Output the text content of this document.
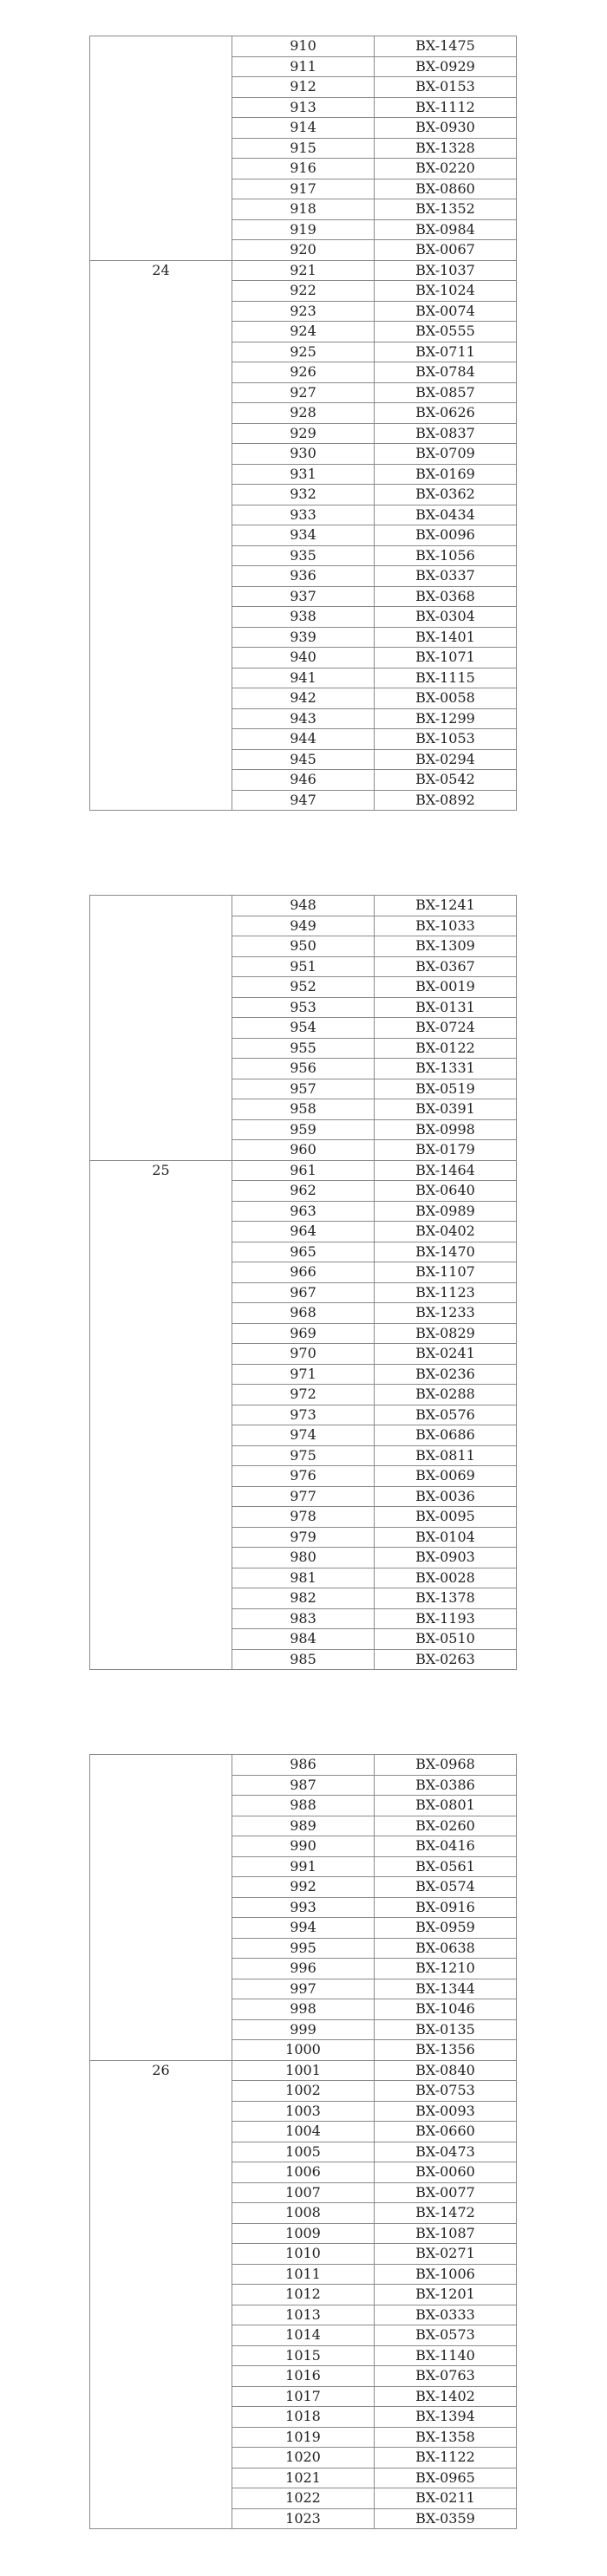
	910	BX-1475
	911	BX-0929
	912	BX-0153
	913	BX-1112
	914	BX-0930
	915	BX-1328
	916	BX-0220
	917	BX-0860
	918	BX-1352
	919	BX-0984
	920	BX-0067
24	921	BX-1037
	922	BX-1024
	923	BX-0074
	924	BX-0555
	925	BX-0711
	926	BX-0784
	927	BX-0857
	928	BX-0626
	929	BX-0837
	930	BX-0709
	931	BX-0169
	932	BX-0362
	933	BX-0434
	934	BX-0096
	935	BX-1056
	936	BX-0337
	937	BX-0368
	938	BX-0304
	939	BX-1401
	940	BX-1071
	941	BX-1115
	942	BX-0058
	943	BX-1299
	944	BX-1053
	945	BX-0294
	946	BX-0542
	947	BX-0892
	948	BX-1241
	949	BX-1033
	950	BX-1309
	951	BX-0367
	952	BX-0019
	953	BX-0131
	954	BX-0724
	955	BX-0122
	956	BX-1331
	957	BX-0519
	958	BX-0391
	959	BX-0998
	960	BX-0179
25	961	BX-1464
	962	BX-0640
	963	BX-0989
	964	BX-0402
	965	BX-1470
	966	BX-1107
	967	BX-1123
	968	BX-1233
	969	BX-0829
	970	BX-0241
	971	BX-0236
	972	BX-0288
	973	BX-0576
	974	BX-0686
	975	BX-0811
	976	BX-0069
	977	BX-0036
	978	BX-0095
	979	BX-0104
	980	BX-0903
	981	BX-0028
	982	BX-1378
	983	BX-1193
	984	BX-0510
	985	BX-0263
	986	BX-0968
	987	BX-0386
	988	BX-0801
	989	BX-0260
	990	BX-0416
	991	BX-0561
	992	BX-0574
	993	BX-0916
	994	BX-0959
	995	BX-0638
	996	BX-1210
	997	BX-1344
	998	BX-1046
	999	BX-0135
	1000	BX-1356
26	1001	BX-0840
	1002	BX-0753
	1003	BX-0093
	1004	BX-0660
	1005	BX-0473
	1006	BX-0060
	1007	BX-0077
	1008	BX-1472
	1009	BX-1087
	1010	BX-0271
	1011	BX-1006
	1012	BX-1201
	1013	BX-0333
	1014	BX-0573
	1015	BX-1140
	1016	BX-0763
	1017	BX-1402
	1018	BX-1394
	1019	BX-1358
	1020	BX-1122
	1021	BX-0965
	1022	BX-0211
	1023	BX-0359
